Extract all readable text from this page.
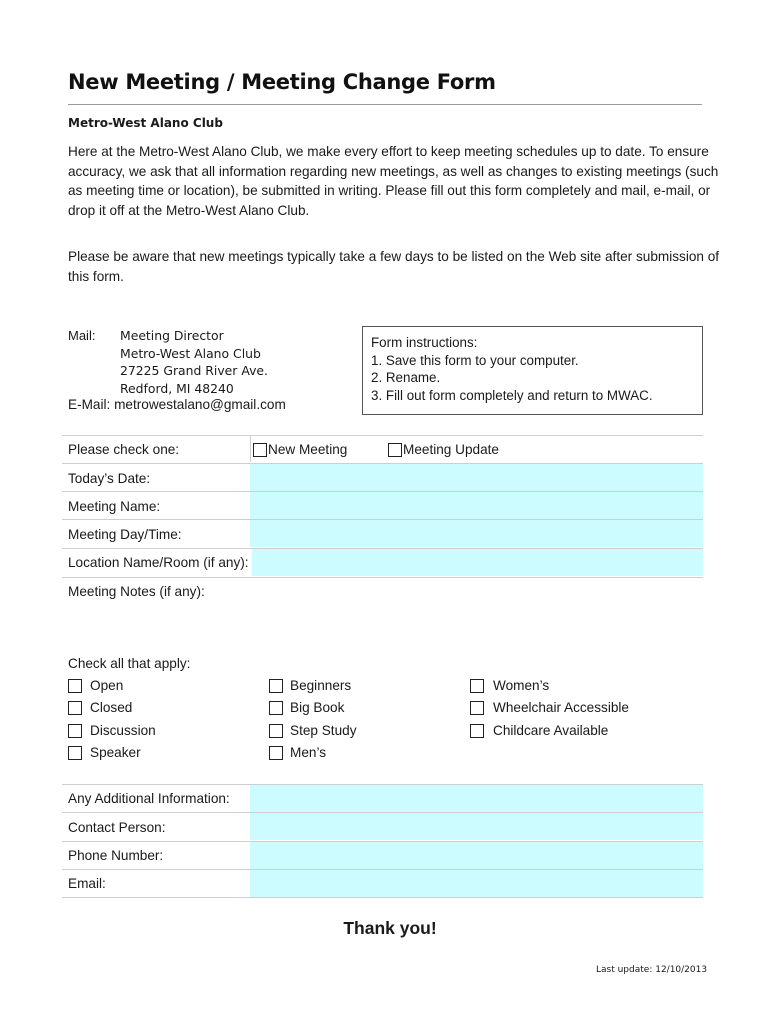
New Meeting / Meeting Change Form
Metro-West Alano Club
Here at the Metro-West Alano Club, we make every effort to keep meeting schedules up to date. To ensure accuracy, we ask that all information regarding new meetings, as well as changes to existing meetings (such as meeting time or location), be submitted in writing. Please fill out this form completely and mail, e-mail, or drop it off at the Metro-West Alano Club.
Please be aware that new meetings typically take a few days to be listed on the Web site after submission of this form.
Mail: Meeting Director
Metro-West Alano Club
27225 Grand River Ave.
Redford, MI 48240
E-Mail: metrowestalano@gmail.com
Form instructions:
1. Save this form to your computer.
2. Rename.
3. Fill out form completely and return to MWAC.
Please check one:	New Meeting	Meeting Update
Today’s Date:
Meeting Name:
Meeting Day/Time:
Location Name/Room (if any):
Meeting Notes (if any):
Check all that apply:
Open
Closed
Discussion
Speaker
Beginners
Big Book
Step Study
Men’s
Women’s
Wheelchair Accessible
Childcare Available
Any Additional Information:
Contact Person:
Phone Number:
Email:
Thank you!
Last update: 12/10/2013
